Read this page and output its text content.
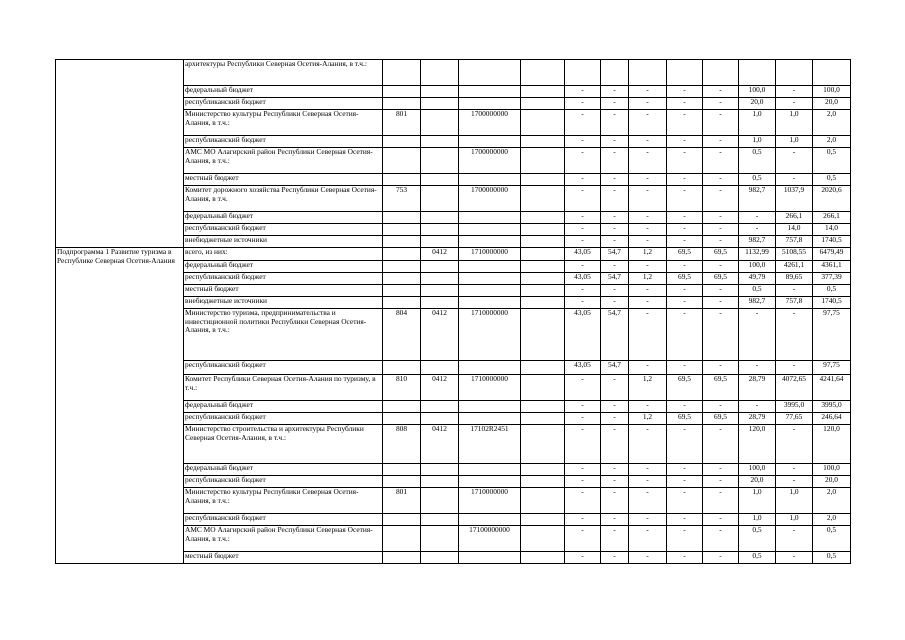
	архитектуры Республики Северная Осетия-Алания, в т.ч.:												
	федеральный бюджет					-	-	-	-	-	100,0	-	100,0
	республиканский бюджет					-	-	-	-	-	20,0	-	20,0
	Министерство культуры Республики Северная Осетия-Алания, в т.ч.:	801		1700000000		-	-	-	-	-	1,0	1,0	2,0
	республиканский бюджет					-	-	-	-	-	1,0	1,0	2,0
	АМС МО Алагирский район Республики Северная Осетия-Алания, в т.ч.:			1700000000		-	-	-	-	-	0,5	-	0,5
	местный бюджет					-	-	-	-	-	0,5	-	0,5
	Комитет дорожного хозяйства Республики Северная Осетия-Алания, в т.ч.	753		1700000000		-	-	-	-	-	982,7	1037,9	2020,6
	федеральный бюджет					-	-	-	-	-	-	266,1	266,1
	республиканский бюджет					-	-	-	-	-	-	14,0	14,0
	внебюджетные источники					-	-	-	-	-	982,7	757,8	1740,5
Подпрограмма 1 Развитие туризма в Республике Северная Осетия-Алания	всего, из них:		0412	1710000000		43,05	54,7	1,2	69,5	69,5	1132,99	5108,55	6479,49
	федеральный бюджет					-	-	-	-	-	100,0	4261,1	4361,1
	республиканский бюджет					43,05	54,7	1,2	69,5	69,5	49,79	89,65	377,39
	местный бюджет					-	-	-	-	-	0,5	-	0,5
	внебюджетные источники					-	-	-	-	-	982,7	757,8	1740,5
	Министерство туризма, предпринимательства и инвестиционной политики Республики Северная Осетия-Алания, в т.ч.:	804	0412	1710000000		43,05	54,7	-	-	-	-	-	97,75
	республиканский бюджет					43,05	54,7	-	-	-	-	-	97,75
	Комитет Республики Северная Осетия-Алания по туризму, в т.ч.:	810	0412	1710000000		-	-	1,2	69,5	69,5	28,79	4072,65	4241,64
	федеральный бюджет					-	-	-	-	-	-	3995,0	3995,0
	республиканский бюджет					-	-	1,2	69,5	69,5	28,79	77,65	246,64
	Министерство строительства и архитектуры Республики Северная Осетия-Алания, в т.ч.:	808	0412	17102R2451		-	-	-	-	-	120,0	-	120,0
	федеральный бюджет					-	-	-	-	-	100,0	-	100,0
	республиканский бюджет					-	-	-	-	-	20,0	-	20,0
	Министерство культуры Республики Северная Осетия-Алания, в т.ч.:	801		1710000000		-	-	-	-	-	1,0	1,0	2,0
	республиканский бюджет					-	-	-	-	-	1,0	1,0	2,0
	АМС МО Алагирский район Республики Северная Осетия-Алания, в т.ч.:			17100000000		-	-	-	-	-	0,5	-	0,5
	местный бюджет					-	-	-	-	-	0,5	-	0,5
